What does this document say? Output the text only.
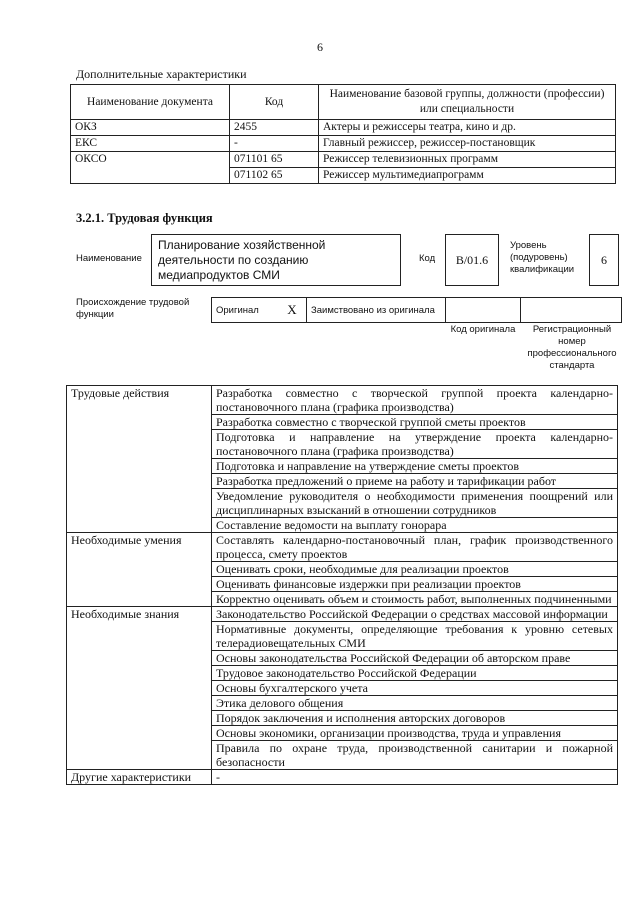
6
Дополнительные характеристики
Наименование документа	Код	Наименование базовой группы, должности (профессии) или специальности
ОКЗ	2455	Актеры и режиссеры театра, кино и др.
ЕКС	-	Главный режиссер, режиссер-постановщик
ОКСО	071101 65	Режиссер телевизионных программ
	071102 65	Режиссер мультимедиапрограмм
3.2.1. Трудовая функция
Наименование
Планирование хозяйственной деятельности по созданию медиапродуктов СМИ
Код	B/01.6
Уровень (подуровень) квалификации
6
Происхождение трудовой функции	Оригинал	X	Заимствовано из оригинала		
Код оригинала	Регистрационный номер профессионального стандарта
Трудовые действия	Разработка совместно с творческой группой проекта календарно-постановочного плана (графика производства)
	Разработка совместно с творческой группой сметы проектов
	Подготовка и направление на утверждение проекта календарно-постановочного плана (графика производства)
	Подготовка и направление на утверждение сметы проектов
	Разработка предложений о приеме на работу и тарификации работ
	Уведомление руководителя о необходимости применения поощрений или дисциплинарных взысканий в отношении сотрудников
	Составление ведомости на выплату гонорара
Необходимые умения	Составлять календарно-постановочный план, график производственного процесса, смету проектов
	Оценивать сроки, необходимые для реализации проектов
	Оценивать финансовые издержки при реализации проектов
	Корректно оценивать объем и стоимость работ, выполненных подчиненными
Необходимые знания	Законодательство Российской Федерации о средствах массовой информации
	Нормативные документы, определяющие требования к уровню сетевых телерадиовещательных СМИ
	Основы законодательства Российской Федерации об авторском праве
	Трудовое законодательство Российской Федерации
	Основы бухгалтерского учета
	Этика делового общения
	Порядок заключения и исполнения авторских договоров
	Основы экономики, организации производства, труда и управления
	Правила по охране труда, производственной санитарии и пожарной безопасности
Другие характеристики	-
